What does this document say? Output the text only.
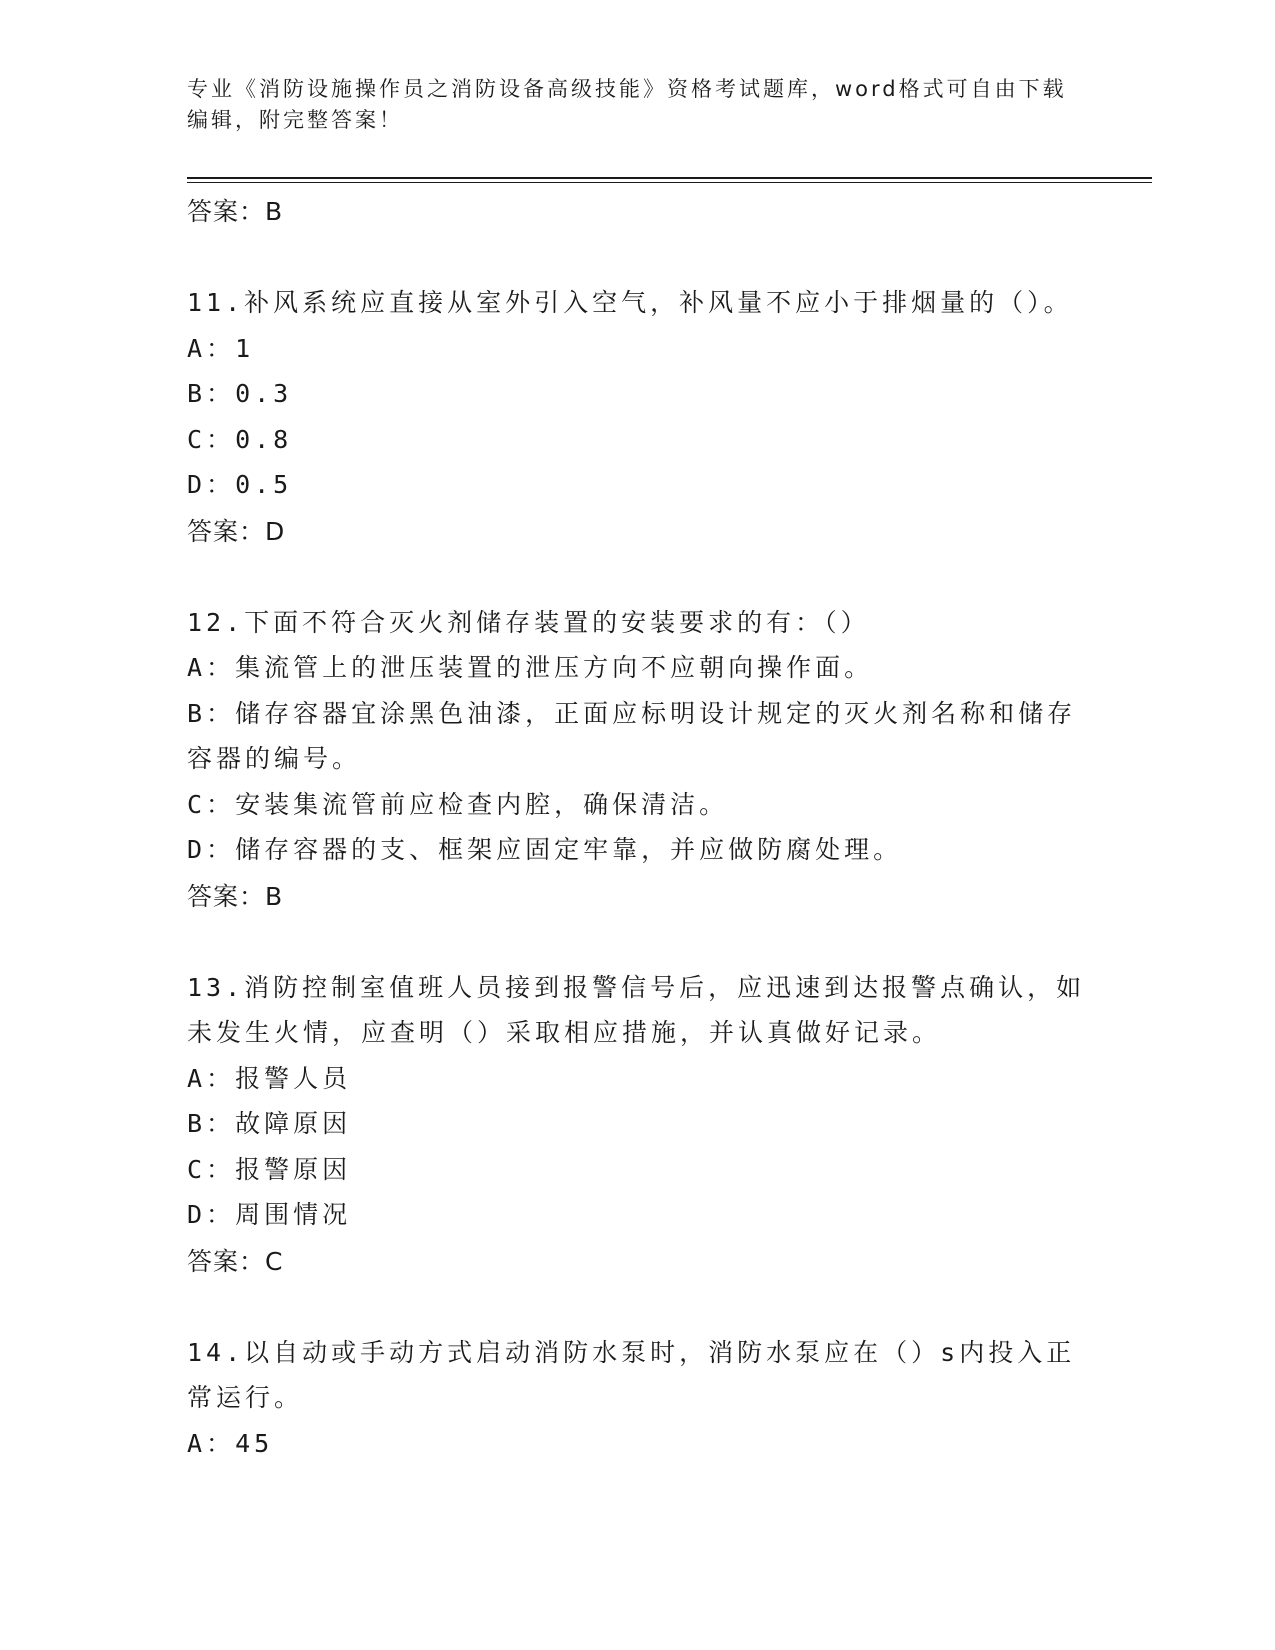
专业《消防设施操作员之消防设备高级技能》资格考试题库，word格式可自由下载编辑，附完整答案！
答案：B
11.补风系统应直接从室外引入空气，补风量不应小于排烟量的（）。
A：1
B：0.3
C：0.8
D：0.5
答案：D
12.下面不符合灭火剂储存装置的安装要求的有：（）
A：集流管上的泄压装置的泄压方向不应朝向操作面。
B：储存容器宜涂黑色油漆，正面应标明设计规定的灭火剂名称和储存容器的编号。
C：安装集流管前应检查内腔，确保清洁。
D：储存容器的支、框架应固定牢靠，并应做防腐处理。
答案：B
13.消防控制室值班人员接到报警信号后，应迅速到达报警点确认，如未发生火情，应查明（）采取相应措施，并认真做好记录。
A：报警人员
B：故障原因
C：报警原因
D：周围情况
答案：C
14.以自动或手动方式启动消防水泵时，消防水泵应在（）s内投入正常运行。
A：45
